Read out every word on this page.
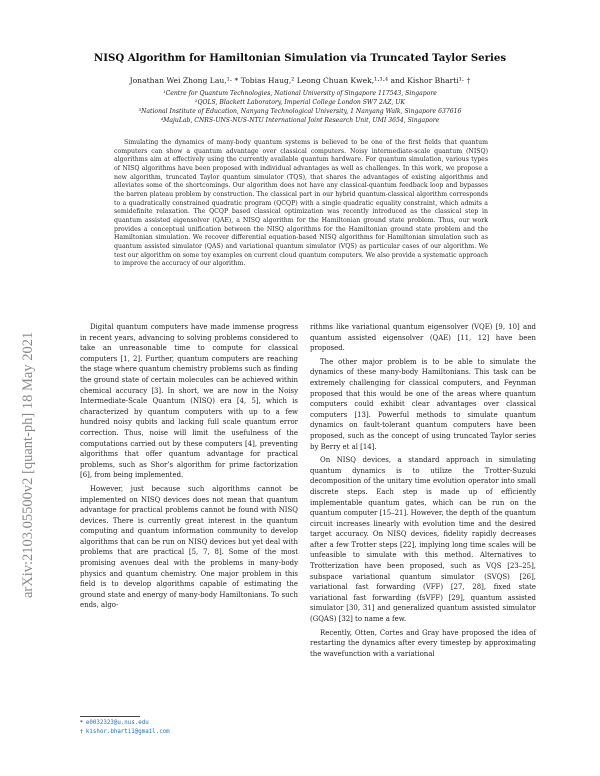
arXiv:2103.05500v2 [quant-ph] 18 May 2021
NISQ Algorithm for Hamiltonian Simulation via Truncated Taylor Series
Jonathan Wei Zhong Lau,¹· * Tobias Haug,² Leong Chuan Kwek,¹·³·⁴ and Kishor Bharti¹· †
¹Centre for Quantum Technologies, National University of Singapore 117543, Singapore
²QOLS, Blackett Laboratory, Imperial College London SW7 2AZ, UK
³National Institute of Education, Nanyang Technological University, 1 Nanyang Walk, Singapore 637616
⁴MajuLab, CNRS-UNS-NUS-NTU International Joint Research Unit, UMI 3654, Singapore
Simulating the dynamics of many-body quantum systems is believed to be one of the first fields that quantum computers can show a quantum advantage over classical computers. Noisy intermediate-scale quantum (NISQ) algorithms aim at effectively using the currently available quantum hardware. For quantum simulation, various types of NISQ algorithms have been proposed with individual advantages as well as challenges. In this work, we propose a new algorithm, truncated Taylor quantum simulator (TQS), that shares the advantages of existing algorithms and alleviates some of the shortcomings. Our algorithm does not have any classical-quantum feedback loop and bypasses the barren plateau problem by construction. The classical part in our hybrid quantum-classical algorithm corresponds to a quadratically constrained quadratic program (QCQP) with a single quadratic equality constraint, which admits a semidefinite relaxation. The QCQP based classical optimization was recently introduced as the classical step in quantum assisted eigensolver (QAE), a NISQ algorithm for the Hamiltonian ground state problem. Thus, our work provides a conceptual unification between the NISQ algorithms for the Hamiltonian ground state problem and the Hamiltonian simulation. We recover differential equation-based NISQ algorithms for Hamiltonian simulation such as quantum assisted simulator (QAS) and variational quantum simulator (VQS) as particular cases of our algorithm. We test our algorithm on some toy examples on current cloud quantum computers. We also provide a systematic approach to improve the accuracy of our algorithm.

Digital quantum computers have made immense progress in recent years, advancing to solving problems considered to take an unreasonable time to compute for classical computers [1, 2]. Further, quantum computers are reaching the stage where quantum chemistry problems such as finding the ground state of certain molecules can be achieved within chemical accuracy [3]. In short, we are now in the Noisy Intermediate-Scale Quantum (NISQ) era [4, 5], which is characterized by quantum computers with up to a few hundred noisy qubits and lacking full scale quantum error correction. Thus, noise will limit the usefulness of the computations carried out by these computers [4], preventing algorithms that offer quantum advantage for practical problems, such as Shor’s algorithm for prime factorization [6], from being implemented.

However, just because such algorithms cannot be implemented on NISQ devices does not mean that quantum advantage for practical problems cannot be found with NISQ devices. There is currently great interest in the quantum computing and quantum information community to develop algorithms that can be run on NISQ devices but yet deal with problems that are practical [5, 7, 8]. Some of the most promising avenues deal with the problems in many-body physics and quantum chemistry. One major problem in this field is to develop algorithms capable of estimating the ground state and energy of many-body Hamiltonians. To such ends, algo-

rithms like variational quantum eigensolver (VQE) [9, 10] and quantum assisted eigensolver (QAE) [11, 12] have been proposed.

The other major problem is to be able to simulate the dynamics of these many-body Hamiltonians. This task can be extremely challenging for classical computers, and Feynman proposed that this would be one of the areas where quantum computers could exhibit clear advantages over classical computers [13]. Powerful methods to simulate quantum dynamics on fault-tolerant quantum computers have been proposed, such as the concept of using truncated Taylor series by Berry et al [14].

On NISQ devices, a standard approach in simulating quantum dynamics is to utilize the Trotter-Suzuki decomposition of the unitary time evolution operator into small discrete steps. Each step is made up of efficiently implementable quantum gates, which can be run on the quantum computer [15–21]. However, the depth of the quantum circuit increases linearly with evolution time and the desired target accuracy. On NISQ devices, fidelity rapidly decreases after a few Trotter steps [22], implying long time scales will be unfeasible to simulate with this method. Alternatives to Trotterization have been proposed, such as VQS [23–25], subspace variational quantum simulator (SVQS) [26], variational fast forwarding (VFF) [27, 28], fixed state variational fast forwarding (fsVFF) [29], quantum assisted simulator [30, 31] and generalized quantum assisted simulator (GQAS) [32] to name a few.

Recently, Otten, Cortes and Gray have proposed the idea of restarting the dynamics after every timestep by approximating the wavefunction with a variational

* e0032323@u.nus.edu
† kishor.bharti1@gmail.com
